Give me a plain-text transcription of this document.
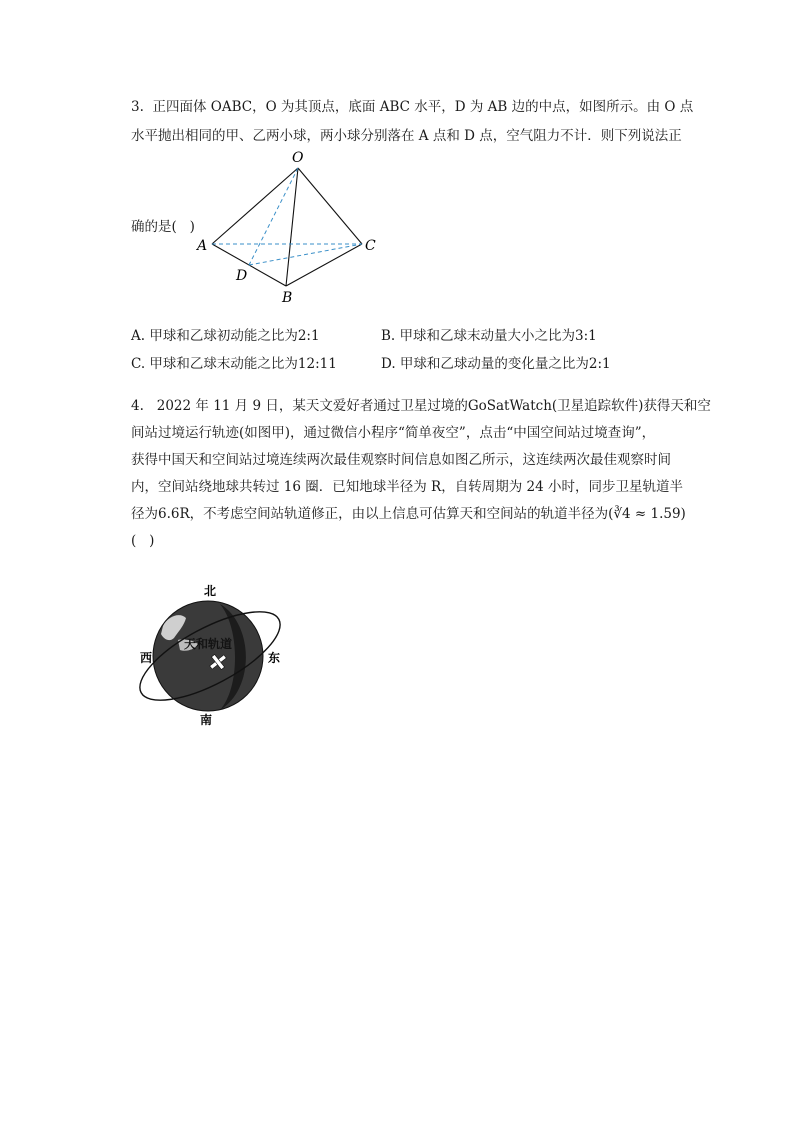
3.  正四面体 OABC，O 为其顶点，底面 ABC 水平，D 为 AB 边的中点，如图所示。由 O 点
水平抛出相同的甲、乙两小球，两小球分别落在 A 点和 D 点，空气阻力不计．则下列说法正
确的是(   )
O
A	C
D
B
A. 甲球和乙球初动能之比为2:1	B. 甲球和乙球末动量大小之比为3:1
C. 甲球和乙球末动能之比为12:11	D. 甲球和乙球动量的变化量之比为2:1
4.   2022 年 11 月 9 日，某天文爱好者通过卫星过境的GoSatWatch(卫星追踪软件)获得天和空
间站过境运行轨迹(如图甲)，通过微信小程序“简单夜空”，点击“中国空间站过境查询”，
获得中国天和空间站过境连续两次最佳观察时间信息如图乙所示，这连续两次最佳观察时间
内，空间站绕地球共转过 16 圈．已知地球半径为 R，自转周期为 24 小时，同步卫星轨道半
径为6.6R，不考虑空间站轨道修正，由以上信息可估算天和空间站的轨道半径为(∛4 ≈ 1.59)
(   )
北
南
西	东
天和轨道
